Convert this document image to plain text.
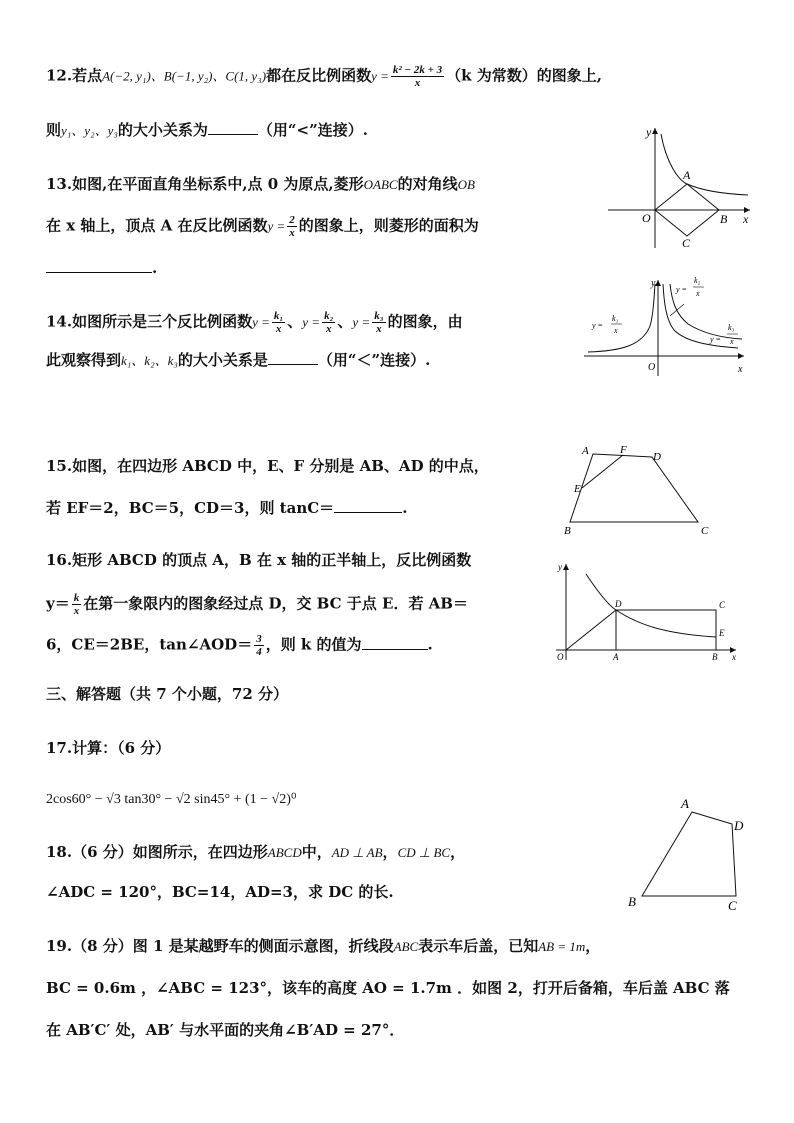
12.若点A(−2, y₁)、B(−1, y₂)、C(1, y₃)都在反比例函数$y = \frac{\text{k² − 2k + 3}}{x} (k$ 为常数）的图象上,
则y₁、y₂、y₃的大小关系为	（用“<”连接）.
13.如图,在平面直角坐标系中,点 0 为原点,菱形OABC的对角线OB
在 x 轴上，顶点 A 在反比例函数$y = \frac{2}{x}$ 的图象上，则菱形的面积为
.
y
x
A
O	B
C
14.如图所示是三个反比例函数$y = \frac{\text{k₁}}{x}$ 、$y = \frac{\text{k₂}}{x}$ 、$y = \frac{\text{k₃}}{x}$ 的图象，由
此观察得到k₁、k₂、k₃的大小关系是	（用“＜”连接）.
y
x
O
y =
k₁
x
y =
k₂
x
y =
k₃
x
15.如图，在四边形 ABCD 中，E、F 分别是 AB、AD 的中点，
若 EF＝2，BC＝5，CD＝3，则 tanC＝	.
A	F
D
E
B	C
16.矩形 ABCD 的顶点 A，B 在 x 轴的正半轴上，反比例函数
$y= \frac{k}{x}$ 在第一象限内的图象经过点 D，交 BC 于点 E．若 AB＝
6，CE＝2BE，tan∠AOD＝ $\frac{3}{4}$ ，则 k 的值为	.
y
x
O	A	B
C
D
E
三、解答题（共 7 个小题，72 分）
17.计算：（6 分）
2cos60° − √3 tan30° − √2 sin45° + (1 − √2)⁰
18.（6 分）如图所示，在四边形ABCD中，AD ⊥ AB，CD ⊥ BC，
∠ADC = 120°，BC=14，AD=3，求 DC 的长.
A
D
B	C
19.（8 分）图 1 是某越野车的侧面示意图，折线段ABC表示车后盖，已知AB = 1m，
BC = 0.6m ，∠ABC = 123°，该车的高度 AO = 1.7m ．如图 2，打开后备箱，车后盖 ABC 落
在 AB′C′ 处，AB′ 与水平面的夹角∠B′AD = 27°．
